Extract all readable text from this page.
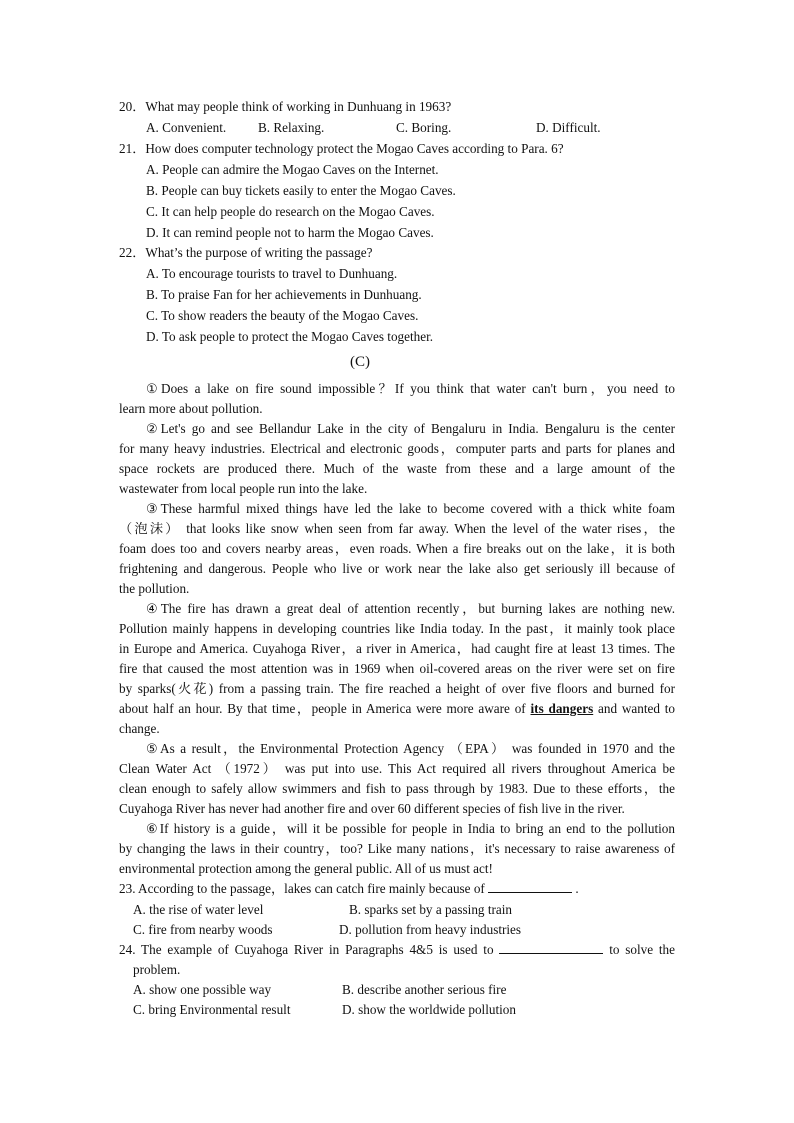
20．What may people think of working in Dunhuang in 1963?
A. Convenient. B. Relaxing.	C. Boring.	D. Difficult.
21．How does computer technology protect the Mogao Caves according to Para. 6?
A. People can admire the Mogao Caves on the Internet.
B. People can buy tickets easily to enter the Mogao Caves.
C. It can help people do research on the Mogao Caves.
D. It can remind people not to harm the Mogao Caves.
22．What’s the purpose of writing the passage?
A. To encourage tourists to travel to Dunhuang.
B. To praise Fan for her achievements in Dunhuang.
C. To show readers the beauty of the Mogao Caves.
D. To ask people to protect the Mogao Caves together.
(C)
①Does a lake on fire sound impossible？If you think that water can't burn，you need to
learn more about pollution.
②Let's go and see Bellandur Lake in the city of Bengaluru in India. Bengaluru is the center
for many heavy industries. Electrical and electronic goods，computer parts and parts for planes and
space rockets are produced there. Much of the waste from these and a large amount of the
wastewater from local people run into the lake.
③These harmful mixed things have led the lake to become covered with a thick white foam
（泡沫） that looks like snow when seen from far away. When the level of the water rises，the
foam does too and covers nearby areas，even roads. When a fire breaks out on the lake，it is both
frightening and dangerous. People who live or work near the lake also get seriously ill because of
the pollution.
④The fire has drawn a great deal of attention recently，but burning lakes are nothing new.
Pollution mainly happens in developing countries like India today. In the past，it mainly took place
in Europe and America. Cuyahoga River，a river in America，had caught fire at least 13 times. The
fire that caused the most attention was in 1969 when oil-covered areas on the river were set on fire
by sparks(火花) from a passing train. The fire reached a height of over five floors and burned for
about half an hour. By that time，people in America were more aware of its dangers and wanted to
change.
⑤As a result，the Environmental Protection Agency （EPA） was founded in 1970 and the
Clean Water Act （1972） was put into use. This Act required all rivers throughout America be
clean enough to safely allow swimmers and fish to pass through by 1983. Due to these efforts，the
Cuyahoga River has never had another fire and over 60 different species of fish live in the river.
⑥If history is a guide，will it be possible for people in India to bring an end to the pollution
by changing the laws in their country，too? Like many nations，it's necessary to raise awareness of
environmental protection among the general public. All of us must act!
23. According to the passage，lakes can catch fire mainly because of	.
A. the rise of water level	B. sparks set by a passing train
C. fire from nearby woods	D. pollution from heavy industries
24. The example of Cuyahoga River in Paragraphs 4&5 is used to	to solve the
problem.
A. show one possible way	B. describe another serious fire
C. bring Environmental result	D. show the worldwide pollution
